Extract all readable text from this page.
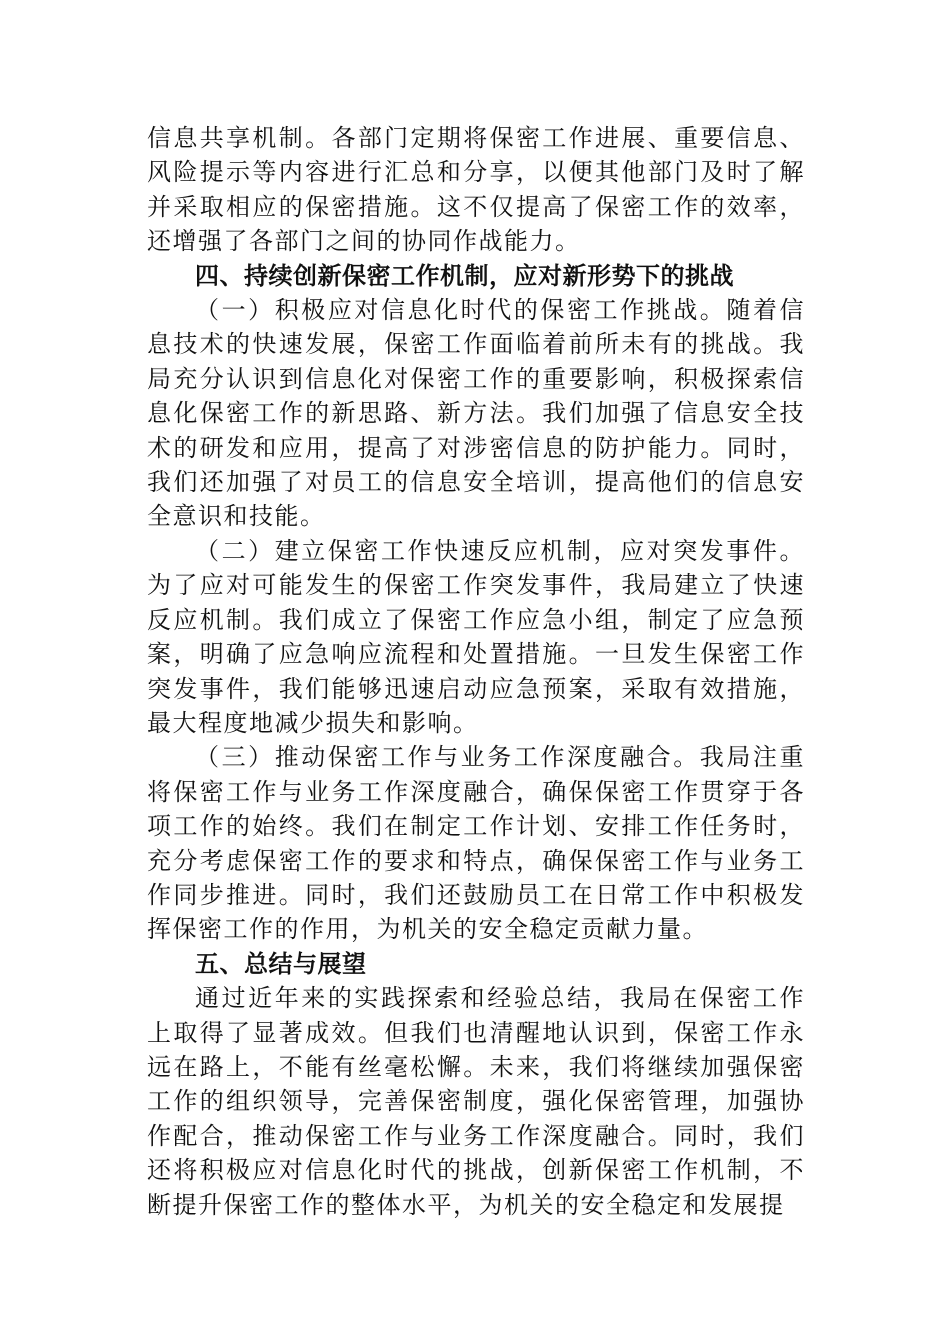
信息共享机制。各部门定期将保密工作进展、重要信息、风险提示等内容进行汇总和分享，以便其他部门及时了解并采取相应的保密措施。这不仅提高了保密工作的效率，还增强了各部门之间的协同作战能力。

四、持续创新保密工作机制，应对新形势下的挑战

（一）积极应对信息化时代的保密工作挑战。随着信息技术的快速发展，保密工作面临着前所未有的挑战。我局充分认识到信息化对保密工作的重要影响，积极探索信息化保密工作的新思路、新方法。我们加强了信息安全技术的研发和应用，提高了对涉密信息的防护能力。同时，我们还加强了对员工的信息安全培训，提高他们的信息安全意识和技能。

（二）建立保密工作快速反应机制，应对突发事件。为了应对可能发生的保密工作突发事件，我局建立了快速反应机制。我们成立了保密工作应急小组，制定了应急预案，明确了应急响应流程和处置措施。一旦发生保密工作突发事件，我们能够迅速启动应急预案，采取有效措施，最大程度地减少损失和影响。

（三）推动保密工作与业务工作深度融合。我局注重将保密工作与业务工作深度融合，确保保密工作贯穿于各项工作的始终。我们在制定工作计划、安排工作任务时，充分考虑保密工作的要求和特点，确保保密工作与业务工作同步推进。同时，我们还鼓励员工在日常工作中积极发挥保密工作的作用，为机关的安全稳定贡献力量。

五、总结与展望

通过近年来的实践探索和经验总结，我局在保密工作上取得了显著成效。但我们也清醒地认识到，保密工作永远在路上，不能有丝毫松懈。未来，我们将继续加强保密工作的组织领导，完善保密制度，强化保密管理，加强协作配合，推动保密工作与业务工作深度融合。同时，我们还将积极应对信息化时代的挑战，创新保密工作机制，不断提升保密工作的整体水平，为机关的安全稳定和发展提
